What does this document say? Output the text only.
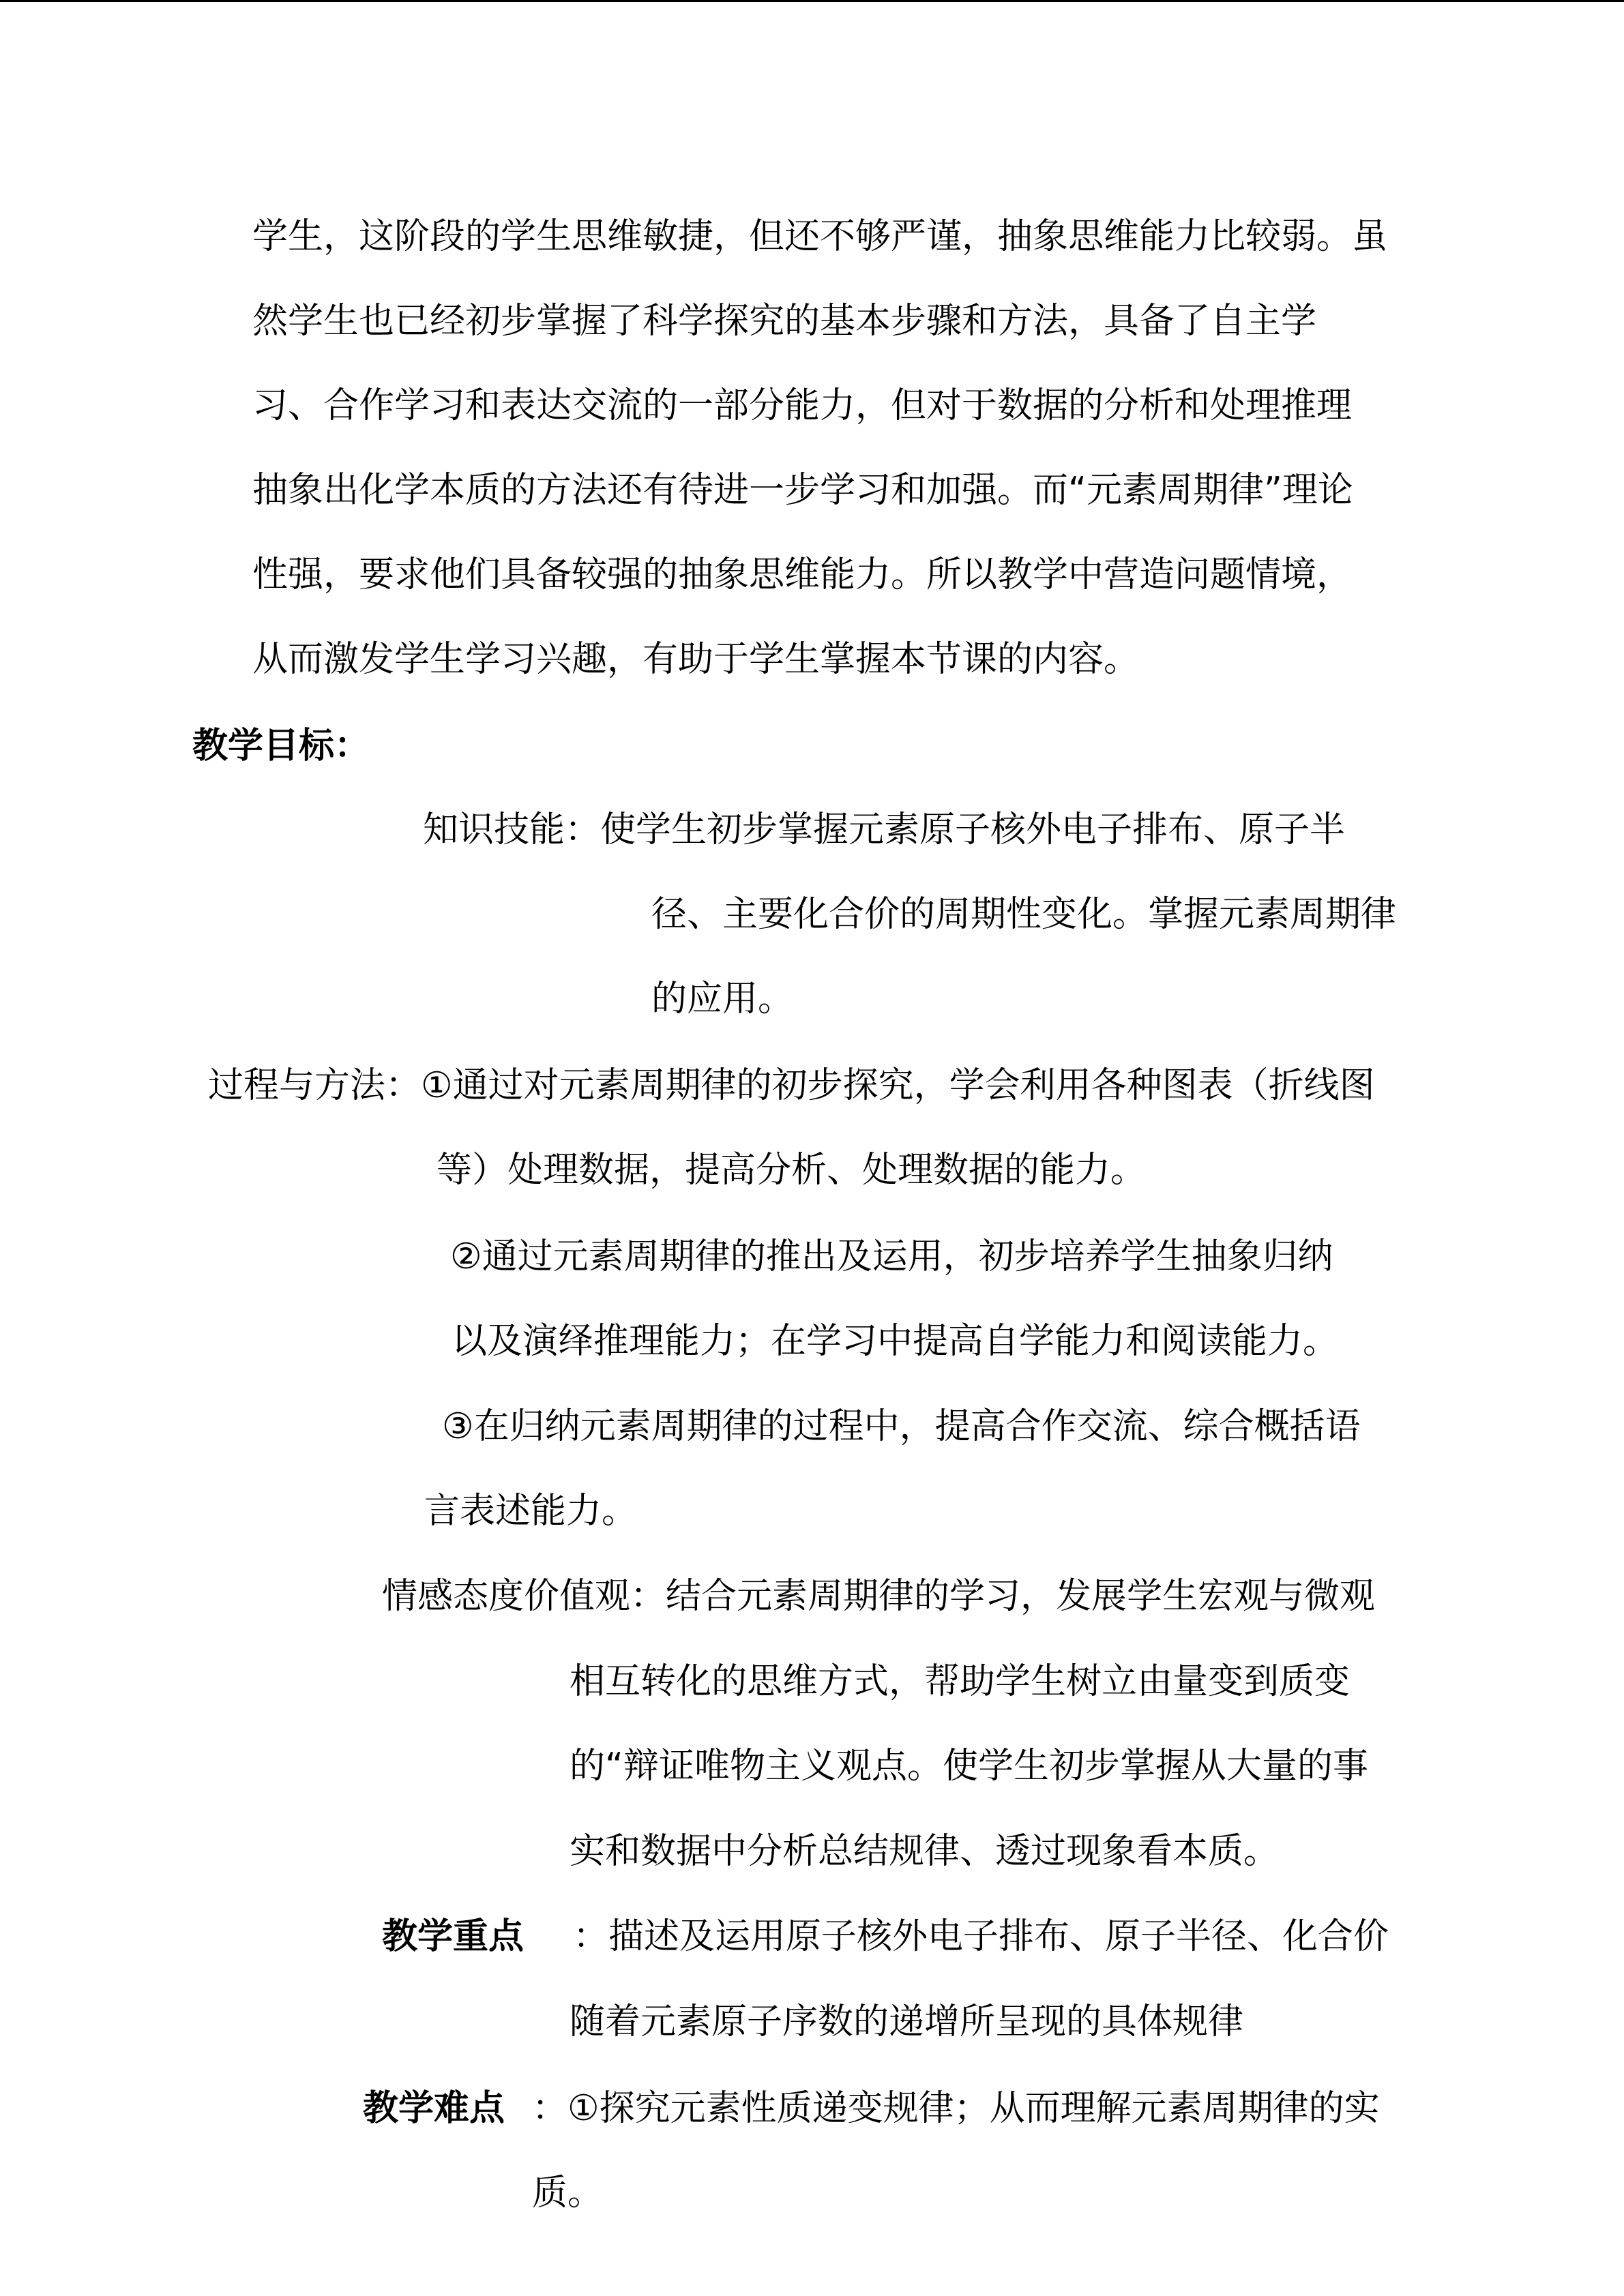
学生，这阶段的学生思维敏捷，但还不够严谨，抽象思维能力比较弱。虽
然学生也已经初步掌握了科学探究的基本步骤和方法，具备了自主学
习、合作学习和表达交流的一部分能力，但对于数据的分析和处理推理
抽象出化学本质的方法还有待进一步学习和加强。而“元素周期律”理论
性强，要求他们具备较强的抽象思维能力。所以教学中营造问题情境，
从而激发学生学习兴趣，有助于学生掌握本节课的内容。
教学目标：
知识技能：使学生初步掌握元素原子核外电子排布、原子半
径、主要化合价的周期性变化。掌握元素周期律
的应用。
过程与方法：①通过对元素周期律的初步探究，学会利用各种图表（折线图
等）处理数据，提高分析、处理数据的能力。
②通过元素周期律的推出及运用，初步培养学生抽象归纳
以及演绎推理能力；在学习中提高自学能力和阅读能力。
③在归纳元素周期律的过程中，提高合作交流、综合概括语
言表述能力。
情感态度价值观：结合元素周期律的学习，发展学生宏观与微观
相互转化的思维方式，帮助学生树立由量变到质变
的“辩证唯物主义观点。使学生初步掌握从大量的事
实和数据中分析总结规律、透过现象看本质。
教学重点 ：描述及运用原子核外电子排布、原子半径、化合价
随着元素原子序数的递增所呈现的具体规律
教学难点 ：①探究元素性质递变规律；从而理解元素周期律的实
质。
